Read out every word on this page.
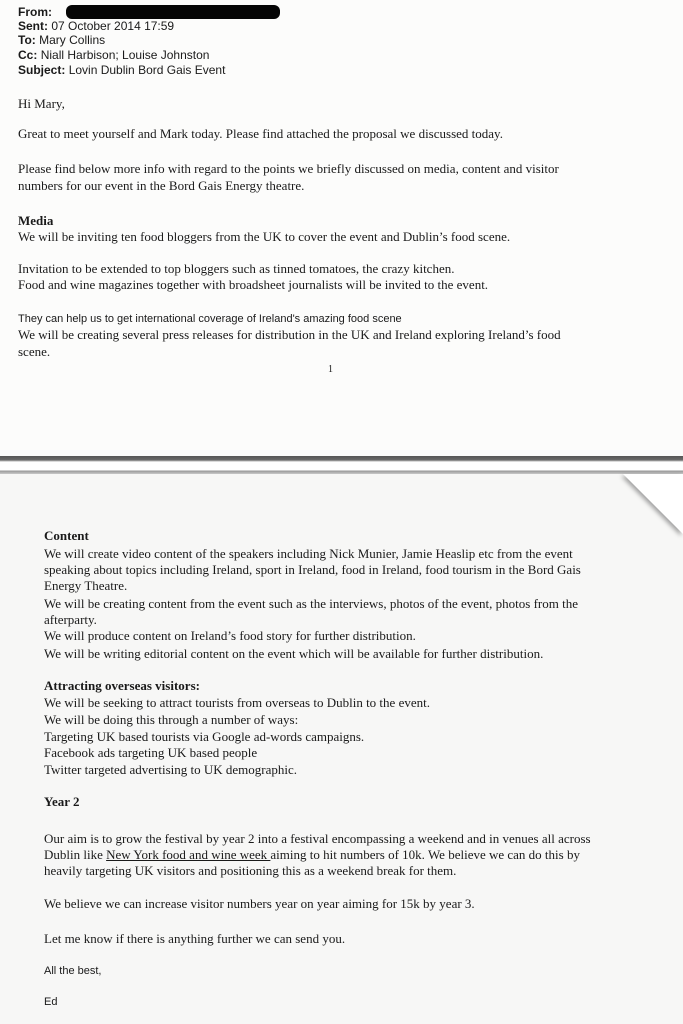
From:
Sent: 07 October 2014 17:59
To: Mary Collins
Cc: Niall Harbison; Louise Johnston
Subject: Lovin Dublin Bord Gais Event
Hi Mary,
Great to meet yourself and Mark today. Please find attached the proposal we discussed today.
Please find below more info with regard to the points we briefly discussed on media, content and visitor
numbers for our event in the Bord Gais Energy theatre.
Media
We will be inviting ten food bloggers from the UK to cover the event and Dublin’s food scene.
Invitation to be extended to top bloggers such as tinned tomatoes, the crazy kitchen.
Food and wine magazines together with broadsheet journalists will be invited to the event.
They can help us to get international coverage of Ireland's amazing food scene
We will be creating several press releases for distribution in the UK and Ireland exploring Ireland’s food
scene.
1
Content
We will create video content of the speakers including Nick Munier, Jamie Heaslip etc from the event
speaking about topics including Ireland, sport in Ireland, food in Ireland, food tourism in the Bord Gais
Energy Theatre.
We will be creating content from the event such as the interviews, photos of the event, photos from the
afterparty.
We will produce content on Ireland’s food story for further distribution.
We will be writing editorial content on the event which will be available for further distribution.
Attracting overseas visitors:
We will be seeking to attract tourists from overseas to Dublin to the event.
We will be doing this through a number of ways:
Targeting UK based tourists via Google ad-words campaigns.
Facebook ads targeting UK based people
Twitter targeted advertising to UK demographic.
Year 2
Our aim is to grow the festival by year 2 into a festival encompassing a weekend and in venues all across
Dublin like New York food and wine week aiming to hit numbers of 10k. We believe we can do this by
heavily targeting UK visitors and positioning this as a weekend break for them.
We believe we can increase visitor numbers year on year aiming for 15k by year 3.
Let me know if there is anything further we can send you.
All the best,
Ed
